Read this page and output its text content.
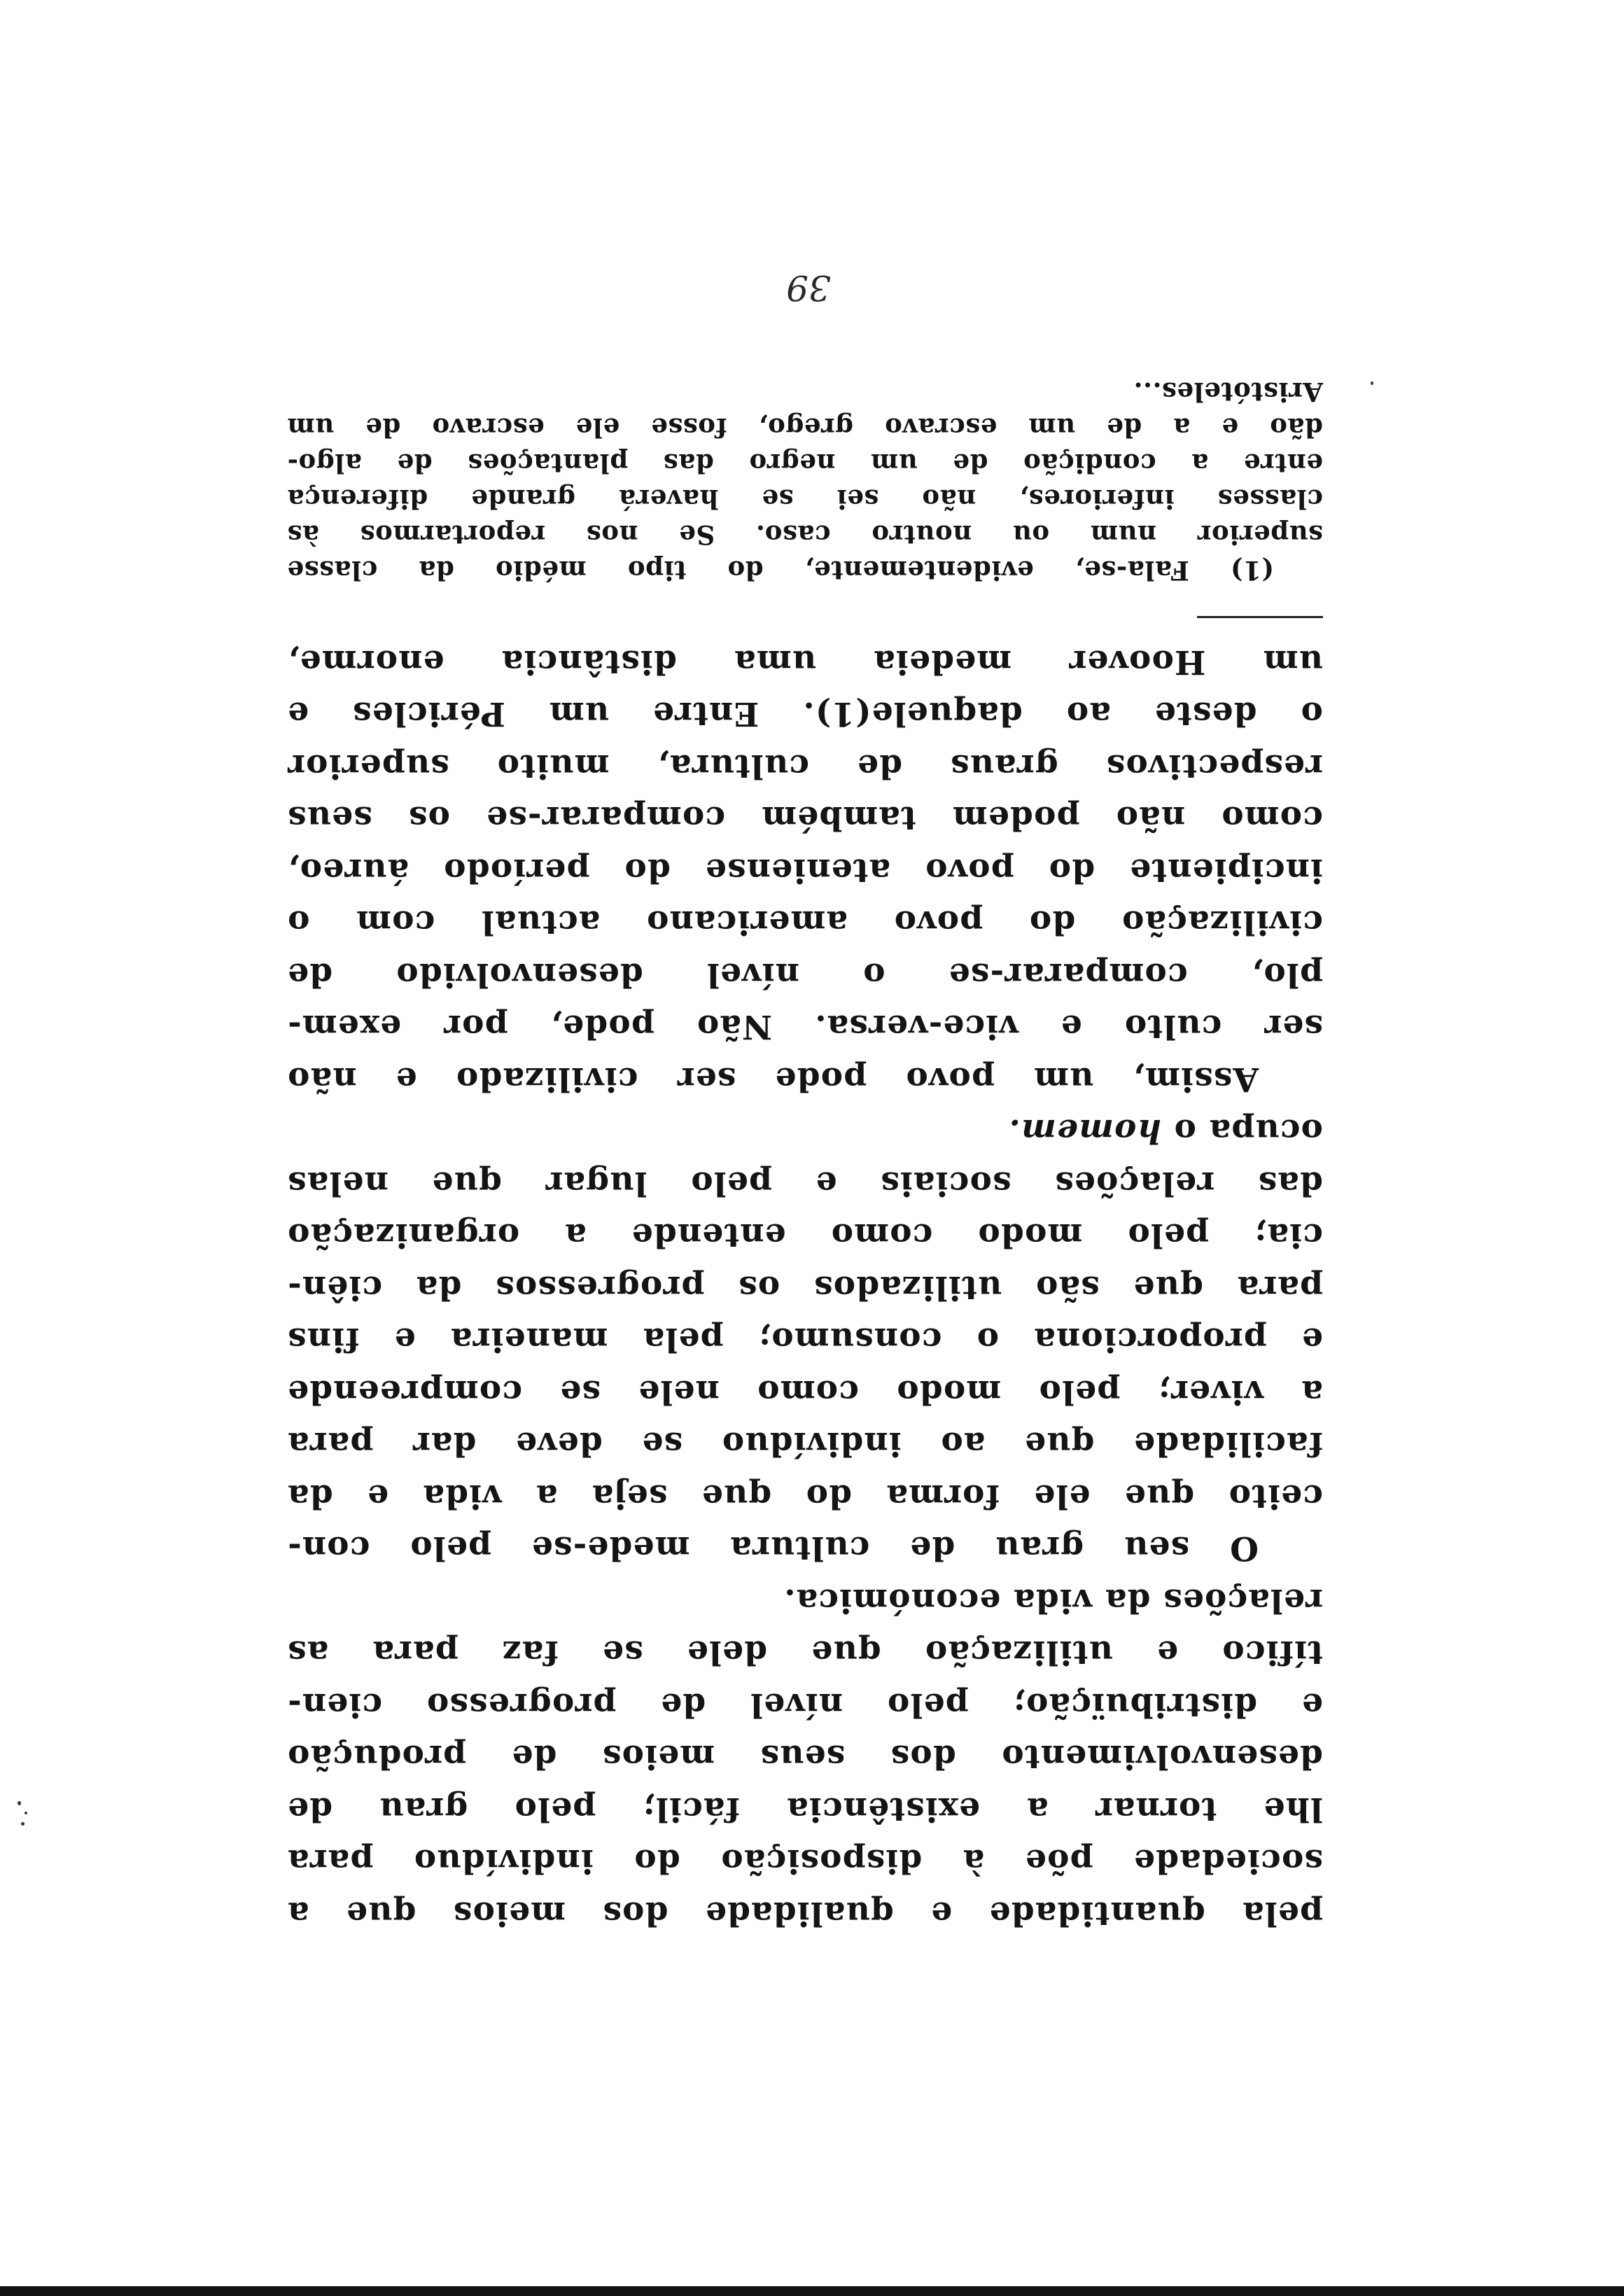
pela quantidade e qualidade dos meios que a
sociedade põe à disposição do indivíduo para
lhe tornar a existência fácil; pelo grau de
desenvolvimento dos seus meios de produção
e distribuïção; pelo nível de progresso cien-
tífico e utilização que dele se faz para as
relações da vida económica.

O seu grau de cultura mede-se pelo con-
ceito que ele forma do que seja a vida e da
facilidade que ao indivíduo se deve dar para
a viver; pelo modo como nele se compreende
e proporciona o consumo; pela maneira e fins
para que são utilizados os progressos da ciên-
cia; pelo modo como entende a organização
das relações sociais e pelo lugar que nelas
ocupa o homem.

Assim, um povo pode ser civilizado e não
ser culto e vice-versa. Não pode, por exem-
plo, comparar-se o nível desenvolvido de
civilização do povo americano actual com o
incipiente do povo ateniense do período áureo,
como não podem também comparar-se os seus
respectivos graus de cultura, muito superior
o deste ao daquele(1). Entre um Péricles e
um Hoover medeia uma distância enorme,

(1) Fala-se, evidentemente, do tipo médio da classe
superior num ou noutro caso. Se nos reportarmos às
classes inferiores, não sei se haverá grande diferença
entre a condição de um negro das plantações de algo-
dão e a de um escravo grego, fosse ele escravo de um
Aristóteles...

39
